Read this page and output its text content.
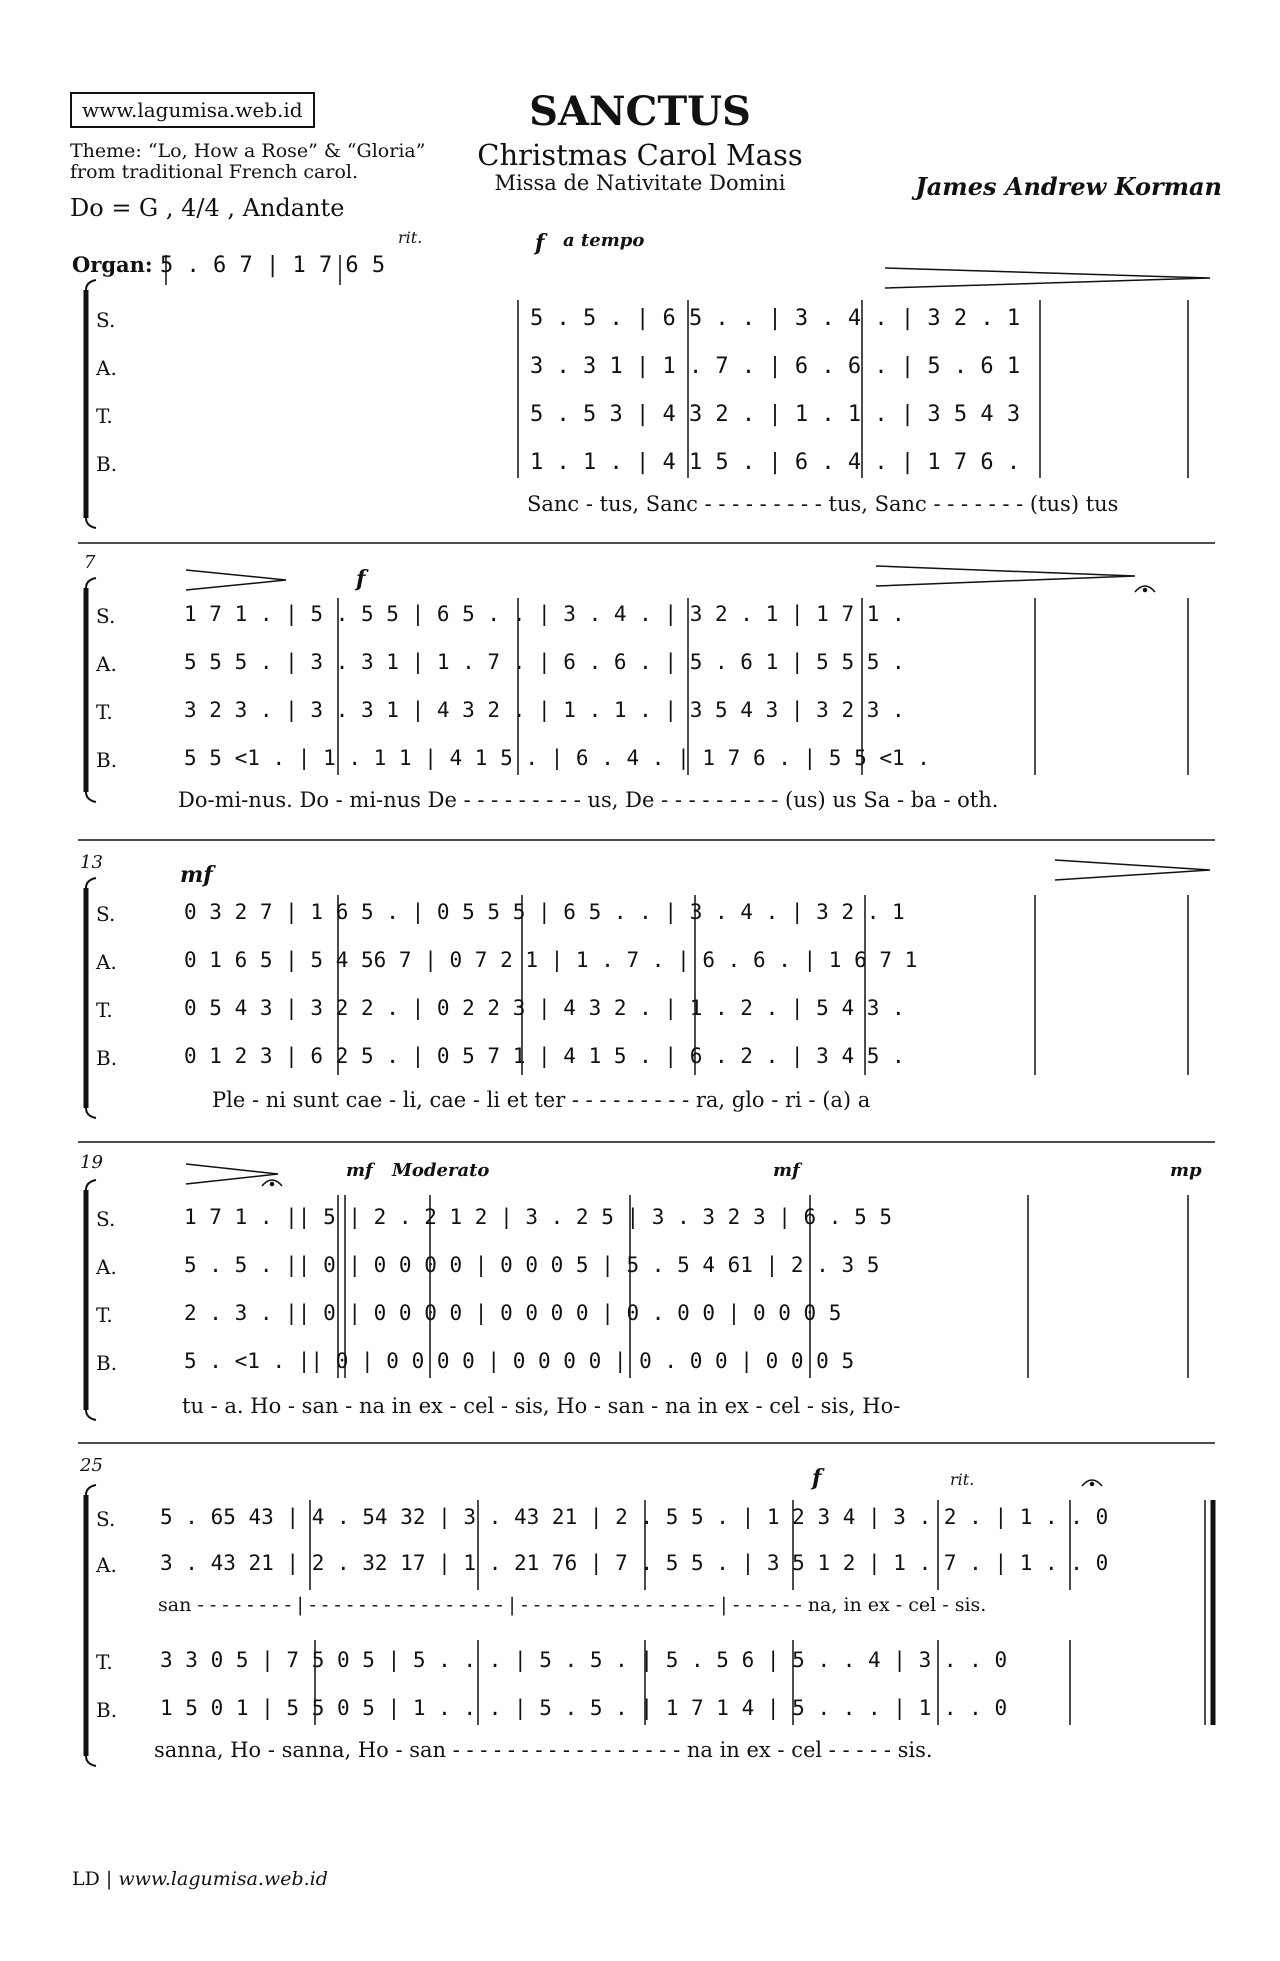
www.lagumisa.web.id	SANCTUS
Christmas Carol Mass
Missa de Nativitate Domini	James Andrew Korman
Theme: “Lo, How a Rose” & “Gloria”
from traditional French carol.
Do = G , 4/4 , Andante
Organ: 5 . 6 7 | 1 7 6 5
rit.	f a tempo
S.
A.
T.
B.
5 . 5 . | 6 5 . . | 3 . 4 . | 3 2 . 1
3 . 3 1 | 1 . 7 . | 6 . 6 . | 5 . 6 1
5 . 5 3 | 4 3 2 . | 1 . 1 . | 3 5 4 3
1 . 1 . | 4 1 5 . | 6 . 4 . | 1 7 6 .
Sanc - tus, Sanc - - - - - - - - - tus, Sanc - - - - - - - (tus) tus
7
f
S.
A.
T.
B.
1 7 1 . | 5 . 5 5 | 6 5 . . | 3 . 4 . | 3 2 . 1 | 1 7 1 .
5 5 5 . | 3 . 3 1 | 1 . 7 . | 6 . 6 . | 5 . 6 1 | 5 5 5 .
3 2 3 . | 3 . 3 1 | 4 3 2 . | 1 . 1 . | 3 5 4 3 | 3 2 3 .
5 5 <1 . | 1 . 1 1 | 4 1 5 . | 6 . 4 . | 1 7 6 . | 5 5 <1 .
Do-mi-nus. Do - mi-nus De - - - - - - - - - us, De - - - - - - - - - (us) us Sa - ba - oth.
13	mf
S.
A.
T.
B.
0 3 2 7 | 1 6 5 . | 0 5 5 5 | 6 5 . . | 3 . 4 . | 3 2 . 1
0 1 6 5 | 5 4 56 7 | 0 7 2 1 | 1 . 7 . | 6 . 6 . | 1 6 7 1
0 5 4 3 | 3 2 2 . | 0 2 2 3 | 4 3 2 . | 1 . 2 . | 5 4 3 .
0 1 2 3 | 6 2 5 . | 0 5 7 1 | 4 1 5 . | 6 . 2 . | 3 4 5 .
Ple - ni sunt cae - li, cae - li et ter - - - - - - - - - ra, glo - ri - (a) a
19	mf Moderato	mf	mp
S.
A.
T.
B.
1 7 1 . || 5 | 2 . 2 1 2 | 3 . 2 5 | 3 . 3 2 3 | 6 . 5 5
5 . 5 . || 0 | 0 0 0 0 | 0 0 0 5 | 5 . 5 4 61 | 2 . 3 5
2 . 3 . || 0 | 0 0 0 0 | 0 0 0 0 | 0 . 0 0 | 0 0 0 5
5 . <1 . || 0 | 0 0 0 0 | 0 0 0 0 | 0 . 0 0 | 0 0 0 5
tu - a. Ho - san - na in ex - cel - sis, Ho - san - na in ex - cel - sis, Ho-
25	f	rit.
S.
A.
T.
B.
5 . 65 43 | 4 . 54 32 | 3 . 43 21 | 2 . 5 5 . | 1 2 3 4 | 3 . 2 . | 1 . . 0
3 . 43 21 | 2 . 32 17 | 1 . 21 76 | 7 . 5 5 . | 3 5 1 2 | 1 . 7 . | 1 . . 0
san - - - - - - - - | - - - - - - - - - - - - - - - - | - - - - - - - - - - - - - - - - | - - - - - - na, in ex - cel - sis.
3 3 0 5 | 7 5 0 5 | 5 . . . | 5 . 5 . | 5 . 5 6 | 5 . . 4 | 3 . . 0
1 5 0 1 | 5 5 0 5 | 1 . . . | 5 . 5 . | 1 7 1 4 | 5 . . . | 1 . . 0
sanna, Ho - sanna, Ho - san - - - - - - - - - - - - - - - - - na in ex - cel - - - - - sis.
LD | www.lagumisa.web.id
